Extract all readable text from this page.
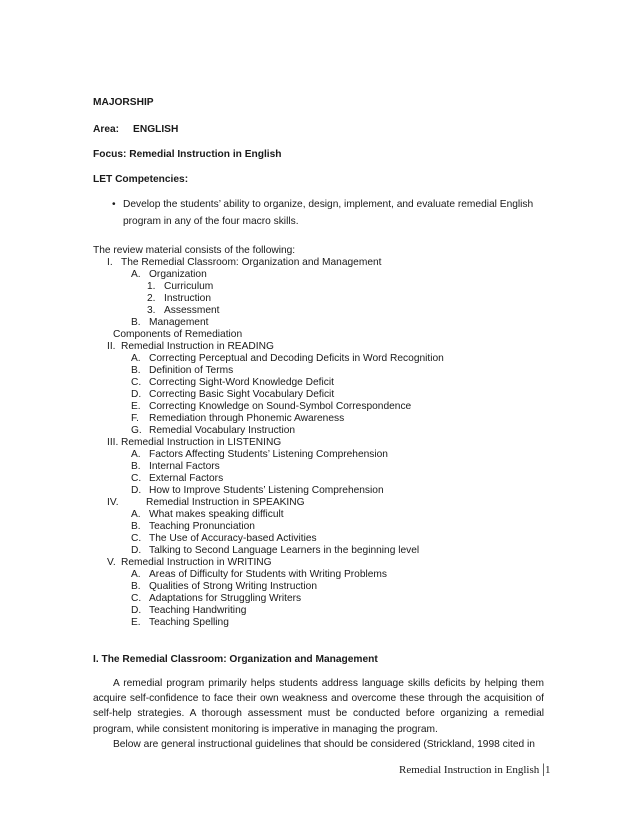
MAJORSHIP
Area: ENGLISH
Focus: Remedial Instruction in English
LET Competencies:
• Develop the students’ ability to organize, design, implement, and evaluate remedial English program in any of the four macro skills.
The review material consists of the following:
I. The Remedial Classroom: Organization and Management
A. Organization
1. Curriculum
2. Instruction
3. Assessment
B. Management
Components of Remediation
II. Remedial Instruction in READING
A. Correcting Perceptual and Decoding Deficits in Word Recognition
B. Definition of Terms
C. Correcting Sight-Word Knowledge Deficit
D. Correcting Basic Sight Vocabulary Deficit
E. Correcting Knowledge on Sound-Symbol Correspondence
F. Remediation through Phonemic Awareness
G. Remedial Vocabulary Instruction
III. Remedial Instruction in LISTENING
A. Factors Affecting Students’ Listening Comprehension
B. Internal Factors
C. External Factors
D. How to Improve Students’ Listening Comprehension
IV.	Remedial Instruction in SPEAKING
A. What makes speaking difficult
B. Teaching Pronunciation
C. The Use of Accuracy-based Activities
D. Talking to Second Language Learners in the beginning level
V. Remedial Instruction in WRITING
A. Areas of Difficulty for Students with Writing Problems
B. Qualities of Strong Writing Instruction
C. Adaptations for Struggling Writers
D. Teaching Handwriting
E. Teaching Spelling
I. The Remedial Classroom: Organization and Management
A remedial program primarily helps students address language skills deficits by helping them acquire self-confidence to face their own weakness and overcome these through the acquisition of self-help strategies. A thorough assessment must be conducted before organizing a remedial program, while consistent monitoring is imperative in managing the program.
Below are general instructional guidelines that should be considered (Strickland, 1998 cited in
Remedial Instruction in English |1
